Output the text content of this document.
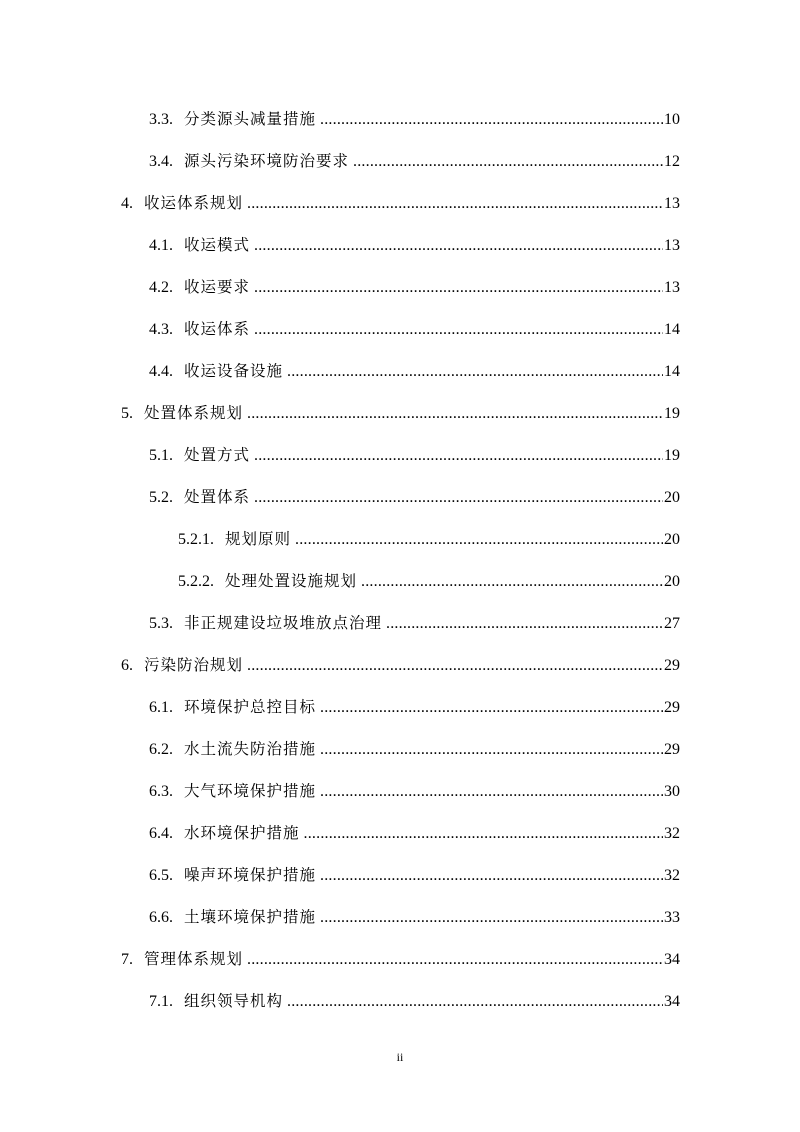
3.3. 分类源头减量措施 .....	10
3.4. 源头污染环境防治要求 .....	12
4. 收运体系规划 .....	13
4.1. 收运模式 .....	13
4.2. 收运要求 .....	13
4.3. 收运体系 .....	14
4.4. 收运设备设施 .....	14
5. 处置体系规划 .....	19
5.1. 处置方式 .....	19
5.2. 处置体系 .....	20
5.2.1. 规划原则 .....	20
5.2.2. 处理处置设施规划 .....	20
5.3. 非正规建设垃圾堆放点治理 .....	27
6. 污染防治规划 .....	29
6.1. 环境保护总控目标 .....	29
6.2. 水土流失防治措施 .....	29
6.3. 大气环境保护措施 .....	30
6.4. 水环境保护措施 .....	32
6.5. 噪声环境保护措施 .....	32
6.6. 土壤环境保护措施 .....	33
7. 管理体系规划 .....	34
7.1. 组织领导机构 .....	34
ii
